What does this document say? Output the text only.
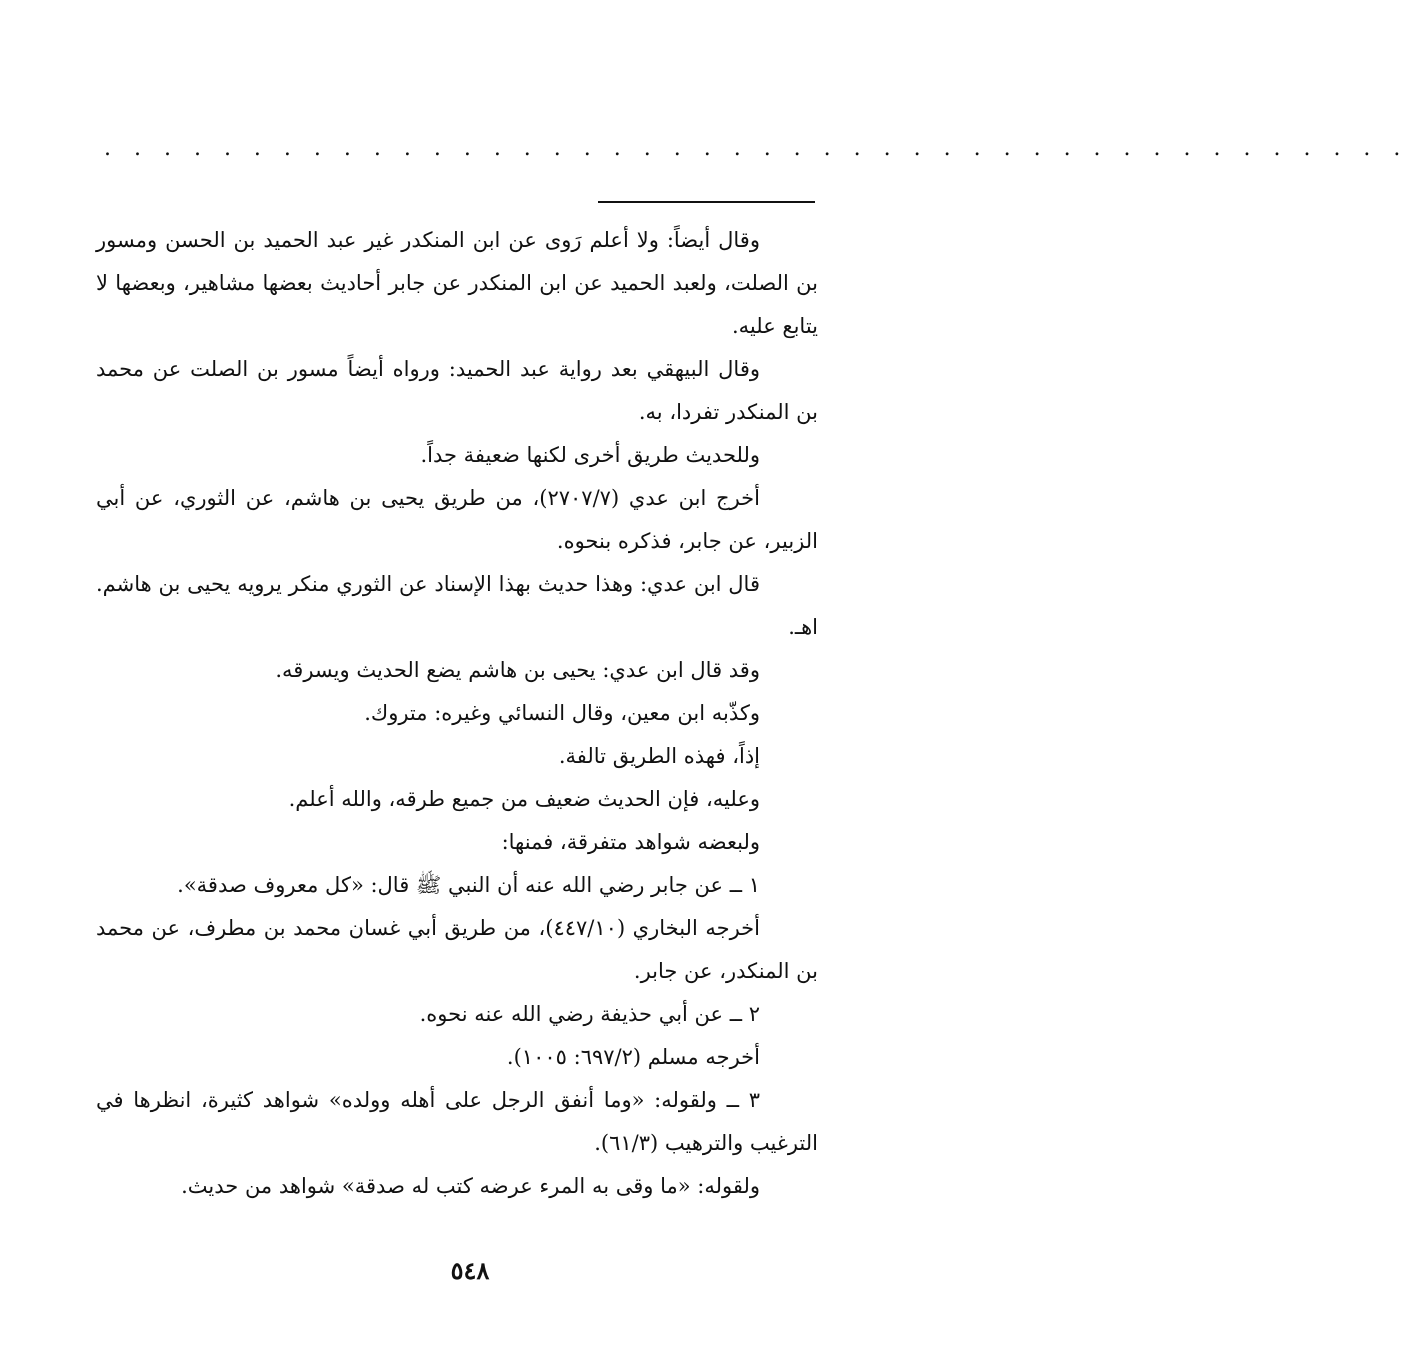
. . . . . . . . . . . . . . . . . . . . . . . . . . . . . . . . . . . . . . . . . . . .

وقال أيضاً: ولا أعلم رَوى عن ابن المنكدر غير عبد الحميد بن الحسن ومسور بن الصلت، ولعبد الحميد عن ابن المنكدر عن جابر أحاديث بعضها مشاهير، وبعضها لا يتابع عليه.

وقال البيهقي بعد رواية عبد الحميد: ورواه أيضاً مسور بن الصلت عن محمد بن المنكدر تفردا، به.

وللحديث طريق أخرى لكنها ضعيفة جداً.

أخرج ابن عدي (٢٧٠٧/٧)، من طريق يحيى بن هاشم، عن الثوري، عن أبي الزبير، عن جابر، فذكره بنحوه.

قال ابن عدي: وهذا حديث بهذا الإسناد عن الثوري منكر يرويه يحيى بن هاشم. اهـ.

وقد قال ابن عدي: يحيى بن هاشم يضع الحديث ويسرقه.

وكذّبه ابن معين، وقال النسائي وغيره: متروك.

إذاً، فهذه الطريق تالفة.

وعليه، فإن الحديث ضعيف من جميع طرقه، والله أعلم.

ولبعضه شواهد متفرقة، فمنها:

١ ــ عن جابر رضي الله عنه أن النبي ﷺ قال: «كل معروف صدقة».

أخرجه البخاري (٤٤٧/١٠)، من طريق أبي غسان محمد بن مطرف، عن محمد بن المنكدر، عن جابر.

٢ ــ عن أبي حذيفة رضي الله عنه نحوه.

أخرجه مسلم (٦٩٧/٢: ١٠٠٥).

٣ ــ ولقوله: «وما أنفق الرجل على أهله وولده» شواهد كثيرة، انظرها في الترغيب والترهيب (٦١/٣).

ولقوله: «ما وقى به المرء عرضه كتب له صدقة» شواهد من حديث.

٥٤٨
